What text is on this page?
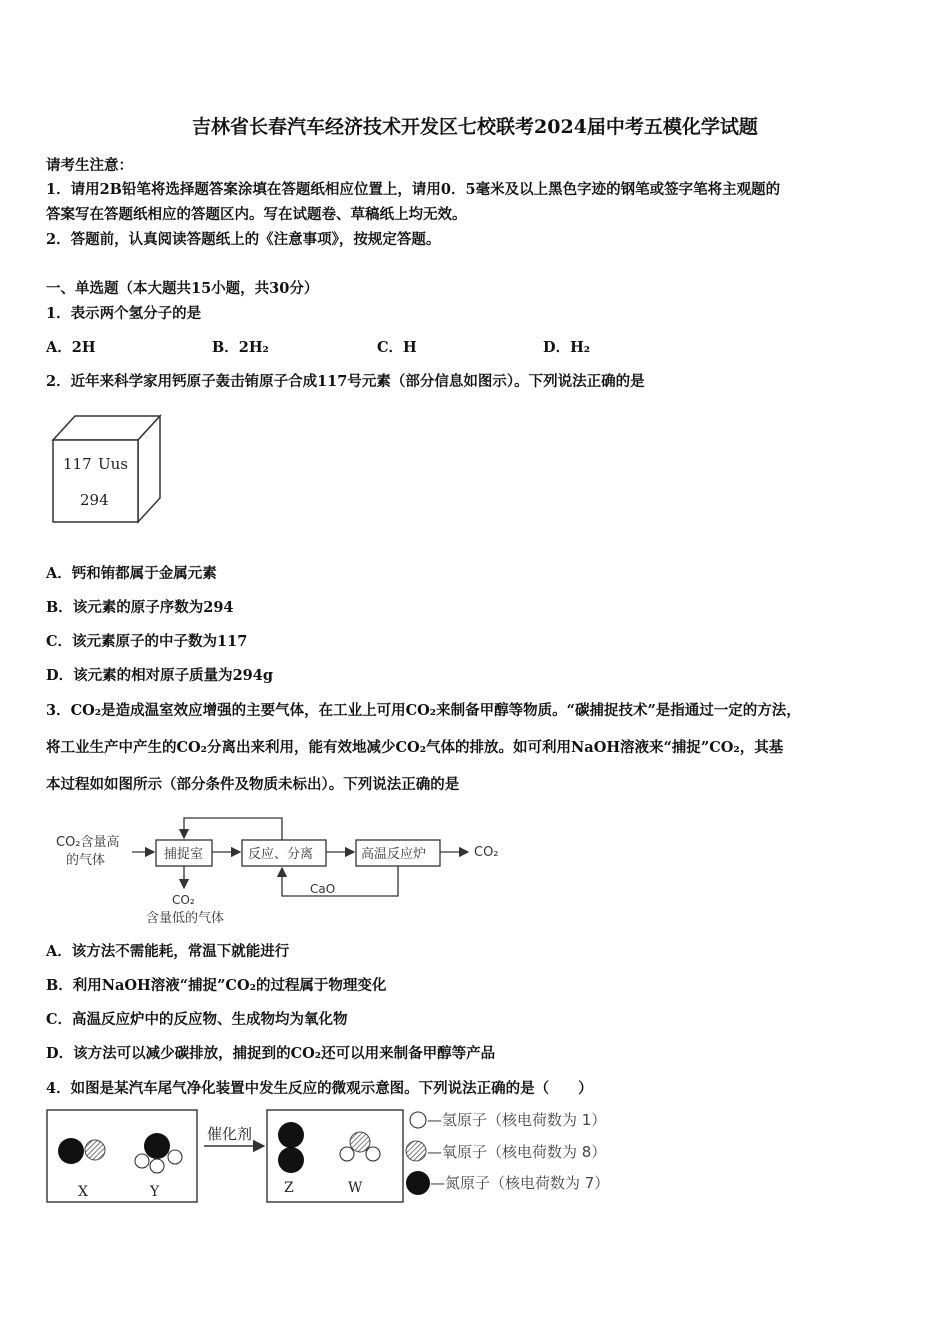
吉林省长春汽车经济技术开发区七校联考2024届中考五模化学试题
请考生注意：
1．请用2B铅笔将选择题答案涂填在答题纸相应位置上，请用0．5毫米及以上黑色字迹的钢笔或签字笔将主观题的
答案写在答题纸相应的答题区内。写在试题卷、草稿纸上均无效。
2．答题前，认真阅读答题纸上的《注意事项》，按规定答题。
一、单选题（本大题共15小题，共30分）
1．表示两个氢分子的是
A．2H	B．2H₂	C．H	D．H₂
2．近年来科学家用钙原子轰击铕原子合成117号元素（部分信息如图示）。下列说法正确的是
117 Uus
294
A．钙和铕都属于金属元素
B．该元素的原子序数为294
C．该元素原子的中子数为117
D．该元素的相对原子质量为294g
3．CO₂是造成温室效应增强的主要气体，在工业上可用CO₂来制备甲醇等物质。“碳捕捉技术”是指通过一定的方法，
将工业生产中产生的CO₂分离出来利用，能有效地减少CO₂气体的排放。如可利用NaOH溶液来“捕捉”CO₂，其基
本过程如如图所示（部分条件及物质未标出）。下列说法正确的是
CO₂含量高
的气体	捕捉室	反应、分离	高温反应炉	CO₂
CaO
CO₂
含量低的气体
A．该方法不需能耗，常温下就能进行
B．利用NaOH溶液“捕捉”CO₂的过程属于物理变化
C．高温反应炉中的反应物、生成物均为氧化物
D．该方法可以减少碳排放，捕捉到的CO₂还可以用来制备甲醇等产品
4．如图是某汽车尾气净化装置中发生反应的微观示意图。下列说法正确的是（　　）
X	Y
催化剂
Z	W
—氢原子（核电荷数为 1）
—氧原子（核电荷数为 8）
—氮原子（核电荷数为 7）
